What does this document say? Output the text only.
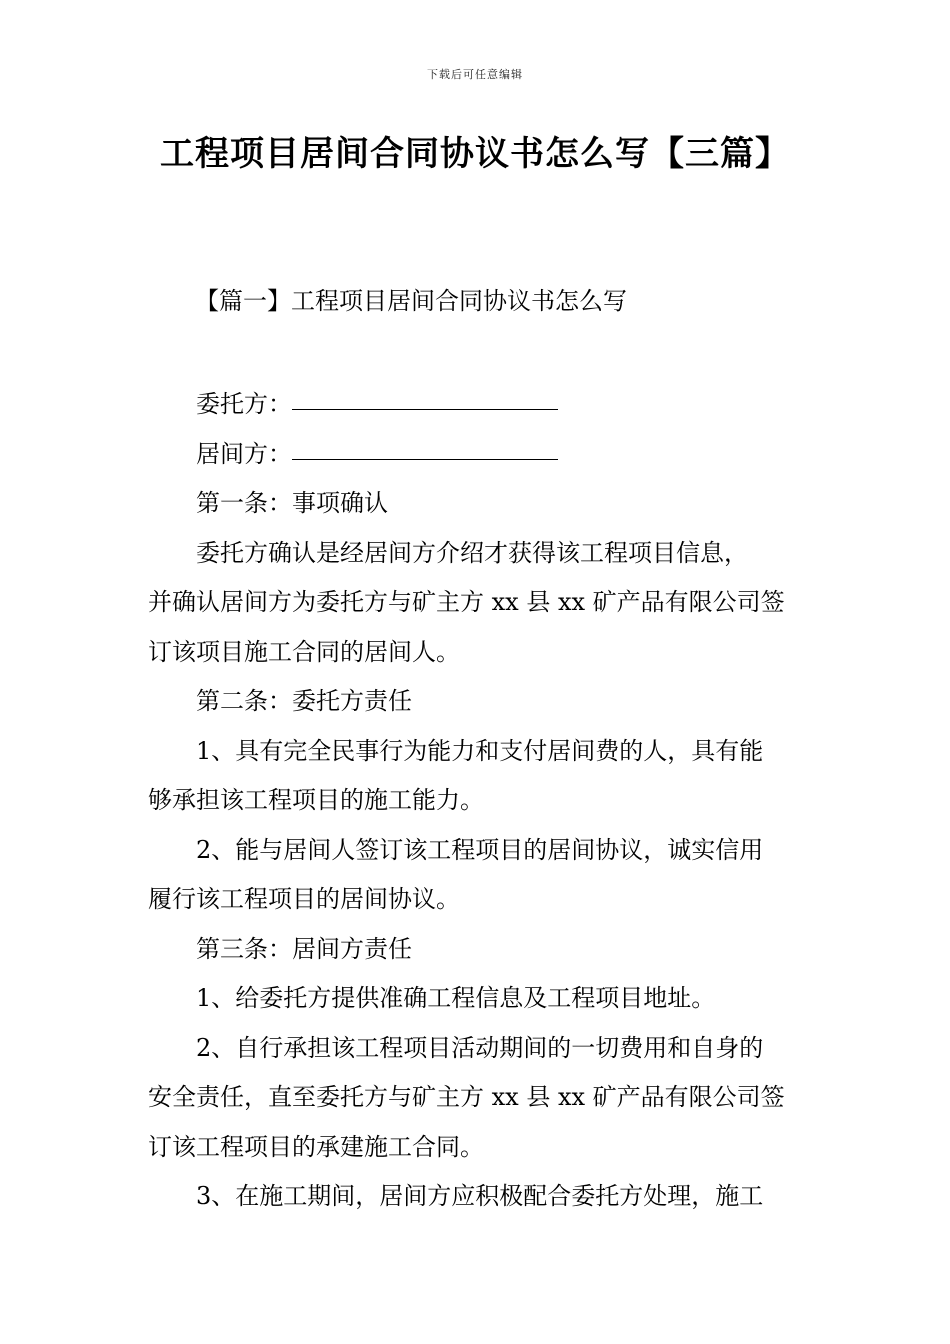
下载后可任意编辑
工程项目居间合同协议书怎么写【三篇】
【篇一】工程项目居间合同协议书怎么写
委托方：
居间方：
第一条：事项确认
委托方确认是经居间方介绍才获得该工程项目信息，
并确认居间方为委托方与矿主方 xx 县 xx 矿产品有限公司签
订该项目施工合同的居间人。
第二条：委托方责任
1、具有完全民事行为能力和支付居间费的人，具有能
够承担该工程项目的施工能力。
2、能与居间人签订该工程项目的居间协议，诚实信用
履行该工程项目的居间协议。
第三条：居间方责任
1、给委托方提供准确工程信息及工程项目地址。
2、自行承担该工程项目活动期间的一切费用和自身的
安全责任，直至委托方与矿主方 xx 县 xx 矿产品有限公司签
订该工程项目的承建施工合同。
3、在施工期间，居间方应积极配合委托方处理，施工
